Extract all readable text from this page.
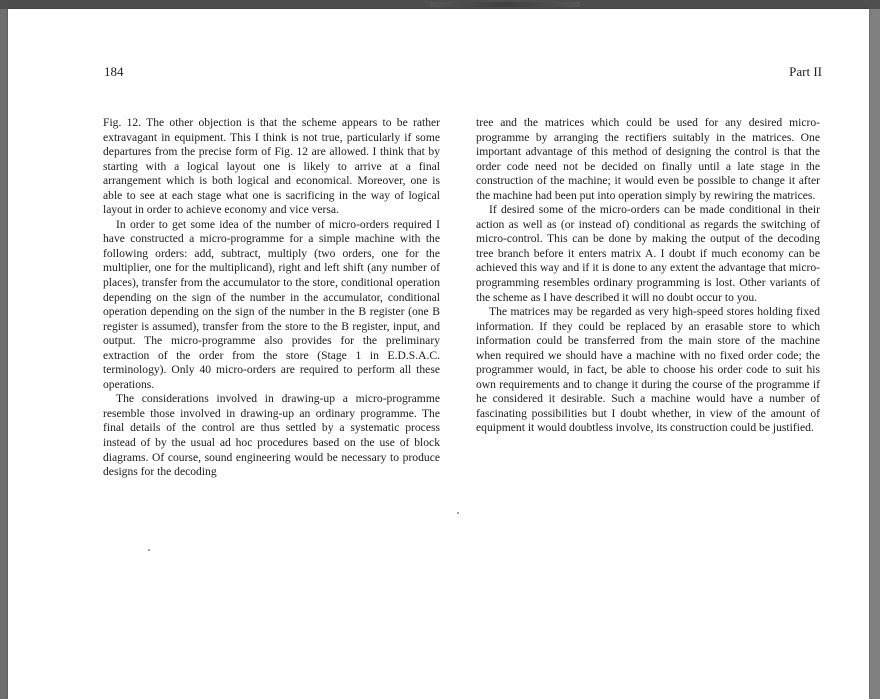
184	Part II

Fig. 12. The other objection is that the scheme appears to be rather extravagant in equipment. This I think is not true, particularly if some departures from the precise form of Fig. 12 are allowed. I think that by starting with a logical layout one is likely to arrive at a final arrangement which is both logical and economical. Moreover, one is able to see at each stage what one is sacrificing in the way of logical layout in order to achieve economy and vice versa.

In order to get some idea of the number of micro-orders required I have constructed a micro-programme for a simple machine with the following orders: add, subtract, multiply (two orders, one for the multiplier, one for the multiplicand), right and left shift (any number of places), transfer from the accumulator to the store, conditional operation depending on the sign of the number in the accumulator, conditional operation depending on the sign of the number in the B register (one B register is assumed), transfer from the store to the B register, input, and output. The micro-programme also provides for the preliminary extraction of the order from the store (Stage 1 in E.D.S.A.C. terminology). Only 40 micro-orders are required to perform all these operations.

The considerations involved in drawing-up a micro-programme resemble those involved in drawing-up an ordinary programme. The final details of the control are thus settled by a systematic process instead of by the usual ad hoc procedures based on the use of block diagrams. Of course, sound engineering would be necessary to produce designs for the decoding

tree and the matrices which could be used for any desired micro-programme by arranging the rectifiers suitably in the matrices. One important advantage of this method of designing the control is that the order code need not be decided on finally until a late stage in the construction of the machine; it would even be possible to change it after the machine had been put into operation simply by rewiring the matrices.

If desired some of the micro-orders can be made conditional in their action as well as (or instead of) conditional as regards the switching of micro-control. This can be done by making the output of the decoding tree branch before it enters matrix A. I doubt if much economy can be achieved this way and if it is done to any extent the advantage that micro-programming resembles ordinary programming is lost. Other variants of the scheme as I have described it will no doubt occur to you.

The matrices may be regarded as very high-speed stores holding fixed information. If they could be replaced by an erasable store to which information could be transferred from the main store of the machine when required we should have a machine with no fixed order code; the programmer would, in fact, be able to choose his order code to suit his own requirements and to change it during the course of the programme if he considered it desirable. Such a machine would have a number of fascinating possibilities but I doubt whether, in view of the amount of equipment it would doubtless involve, its construction could be justified.
